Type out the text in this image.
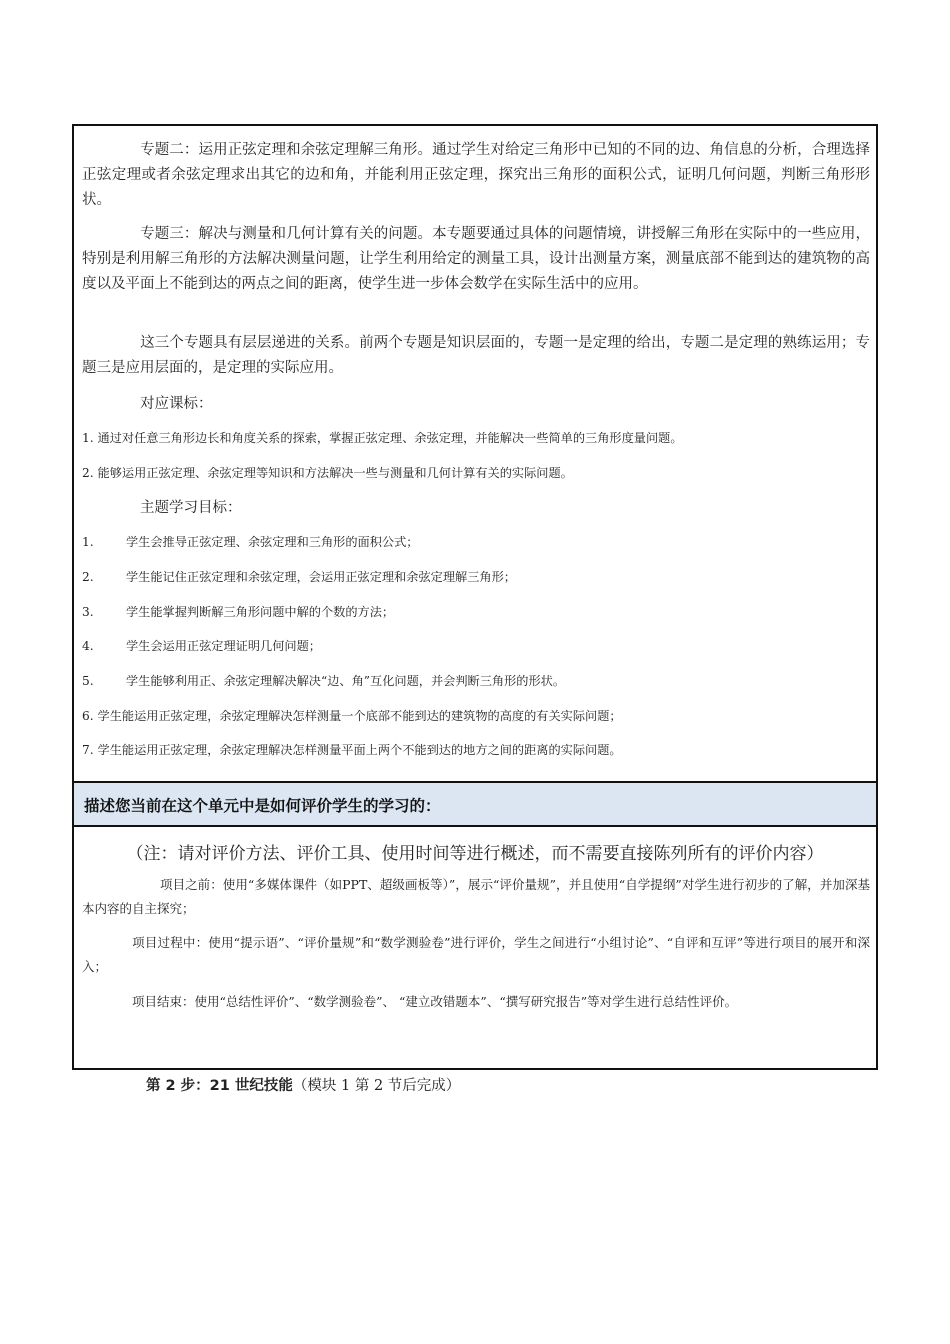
专题二：运用正弦定理和余弦定理解三角形。通过学生对给定三角形中已知的不同的边、角信息的分析，合理选择正弦定理或者余弦定理求出其它的边和角，并能利用正弦定理，探究出三角形的面积公式，证明几何问题，判断三角形形状。
专题三：解决与测量和几何计算有关的问题。本专题要通过具体的问题情境，讲授解三角形在实际中的一些应用，特别是利用解三角形的方法解决测量问题，让学生利用给定的测量工具，设计出测量方案，测量底部不能到达的建筑物的高度以及平面上不能到达的两点之间的距离，使学生进一步体会数学在实际生活中的应用。
这三个专题具有层层递进的关系。前两个专题是知识层面的，专题一是定理的给出，专题二是定理的熟练运用；专题三是应用层面的，是定理的实际应用。
对应课标：
1. 通过对任意三角形边长和角度关系的探索，掌握正弦定理、余弦定理，并能解决一些简单的三角形度量问题。
2. 能够运用正弦定理、余弦定理等知识和方法解决一些与测量和几何计算有关的实际问题。
主题学习目标：
1.	学生会推导正弦定理、余弦定理和三角形的面积公式；
2.	学生能记住正弦定理和余弦定理，会运用正弦定理和余弦定理解三角形；
3.	学生能掌握判断解三角形问题中解的个数的方法；
4.	学生会运用正弦定理证明几何问题；
5.	学生能够利用正、余弦定理解决解决“边、角”互化问题，并会判断三角形的形状。
6. 学生能运用正弦定理，余弦定理解决怎样测量一个底部不能到达的建筑物的高度的有关实际问题；
7. 学生能运用正弦定理，余弦定理解决怎样测量平面上两个不能到达的地方之间的距离的实际问题。
描述您当前在这个单元中是如何评价学生的学习的：
（注：请对评价方法、评价工具、使用时间等进行概述，而不需要直接陈列所有的评价内容）
项目之前：使用“多媒体课件（如PPT、超级画板等）”，展示“评价量规”，并且使用“自学提纲”对学生进行初步的了解，并加深基本内容的自主探究；
项目过程中：使用“提示语”、“评价量规”和“数学测验卷”进行评价，学生之间进行“小组讨论”、“自评和互评”等进行项目的展开和深入；
项目结束：使用“总结性评价”、“数学测验卷”、 “建立改错题本”、“撰写研究报告”等对学生进行总结性评价。
第 2 步：21 世纪技能（模块 1 第 2 节后完成）
